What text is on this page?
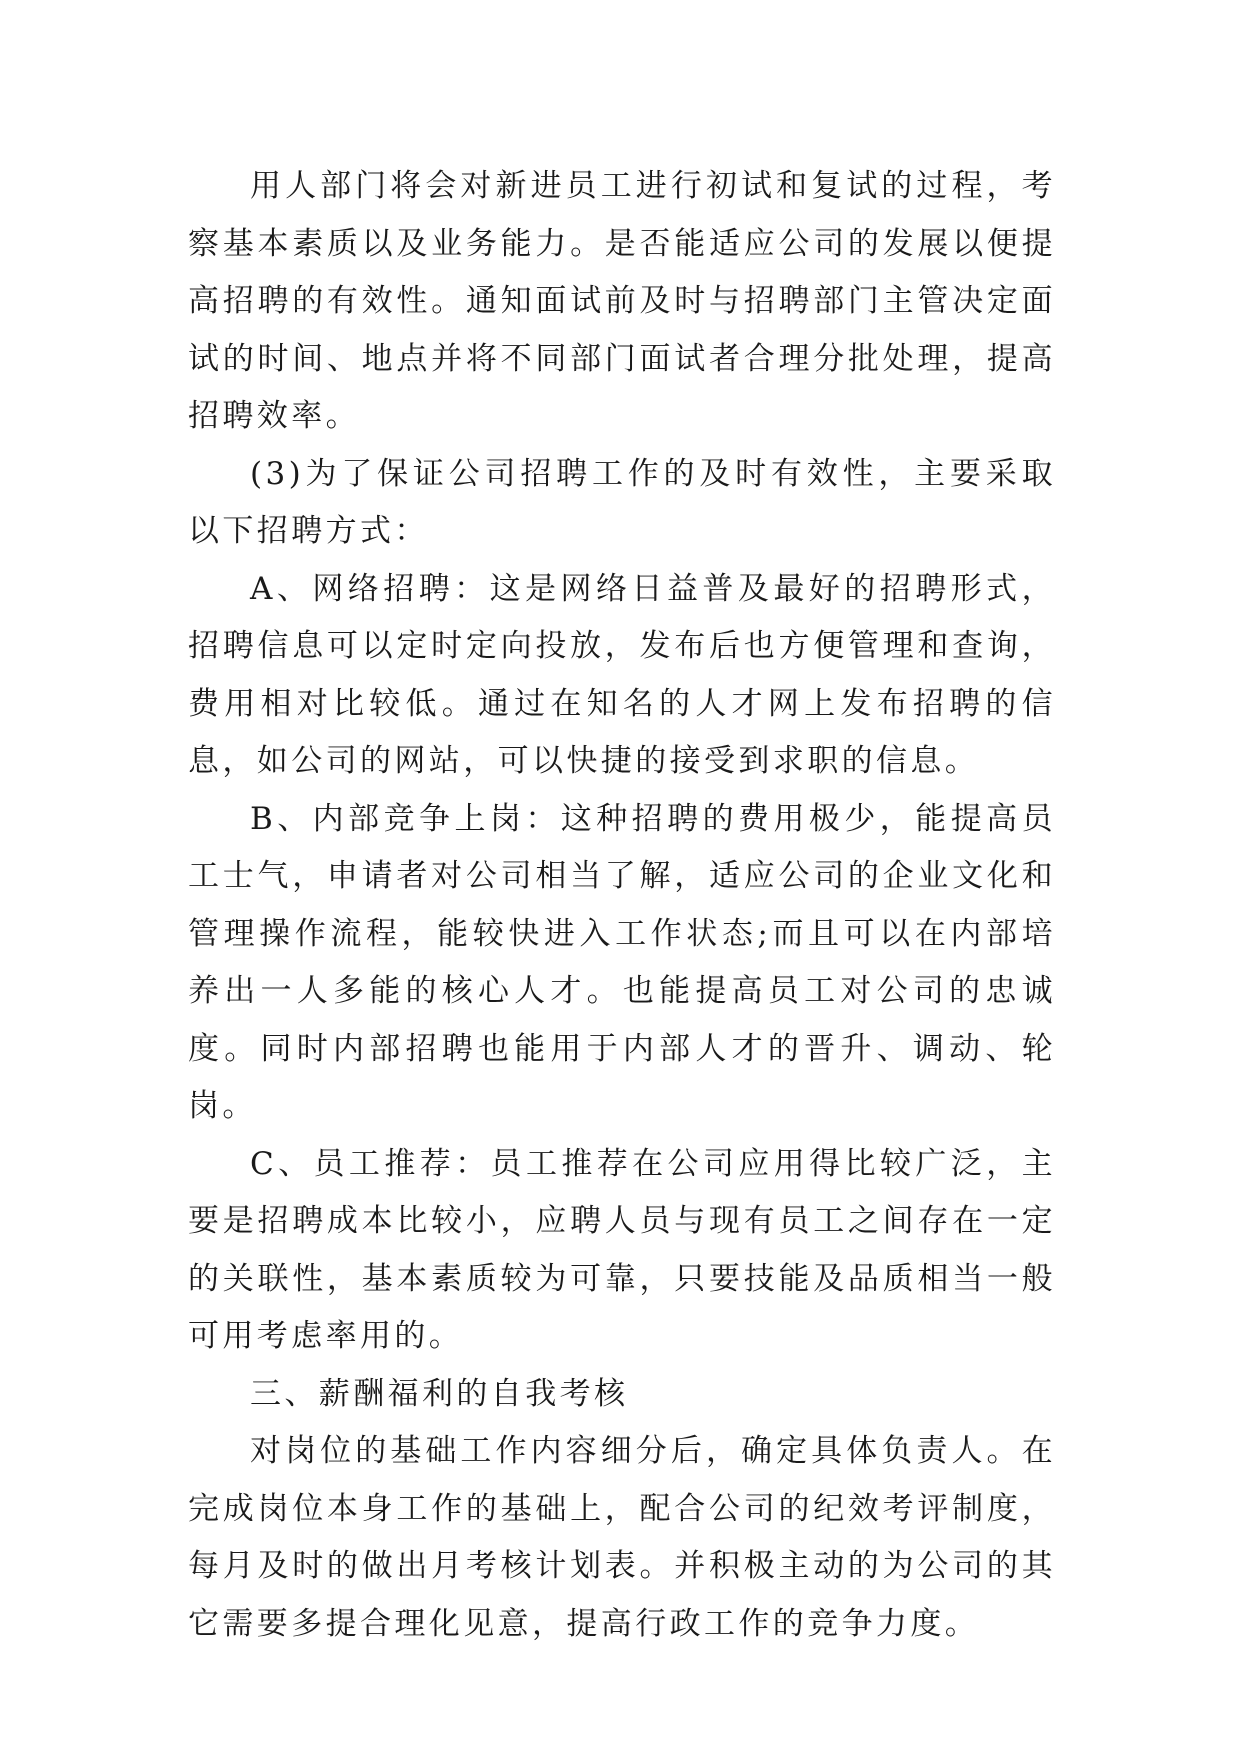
用人部门将会对新进员工进行初试和复试的过程，考察基本素质以及业务能力。是否能适应公司的发展以便提高招聘的有效性。通知面试前及时与招聘部门主管决定面试的时间、地点并将不同部门面试者合理分批处理，提高招聘效率。

(3)为了保证公司招聘工作的及时有效性，主要采取以下招聘方式：

A、网络招聘：这是网络日益普及最好的招聘形式，招聘信息可以定时定向投放，发布后也方便管理和查询，费用相对比较低。通过在知名的人才网上发布招聘的信息，如公司的网站，可以快捷的接受到求职的信息。

B、内部竞争上岗：这种招聘的费用极少，能提高员工士气，申请者对公司相当了解，适应公司的企业文化和管理操作流程，能较快进入工作状态;而且可以在内部培养出一人多能的核心人才。也能提高员工对公司的忠诚度。同时内部招聘也能用于内部人才的晋升、调动、轮岗。

C、员工推荐：员工推荐在公司应用得比较广泛，主要是招聘成本比较小，应聘人员与现有员工之间存在一定的关联性，基本素质较为可靠，只要技能及品质相当一般可用考虑率用的。

三、薪酬福利的自我考核

对岗位的基础工作内容细分后，确定具体负责人。在完成岗位本身工作的基础上，配合公司的纪效考评制度，每月及时的做出月考核计划表。并积极主动的为公司的其它需要多提合理化见意，提高行政工作的竞争力度。
